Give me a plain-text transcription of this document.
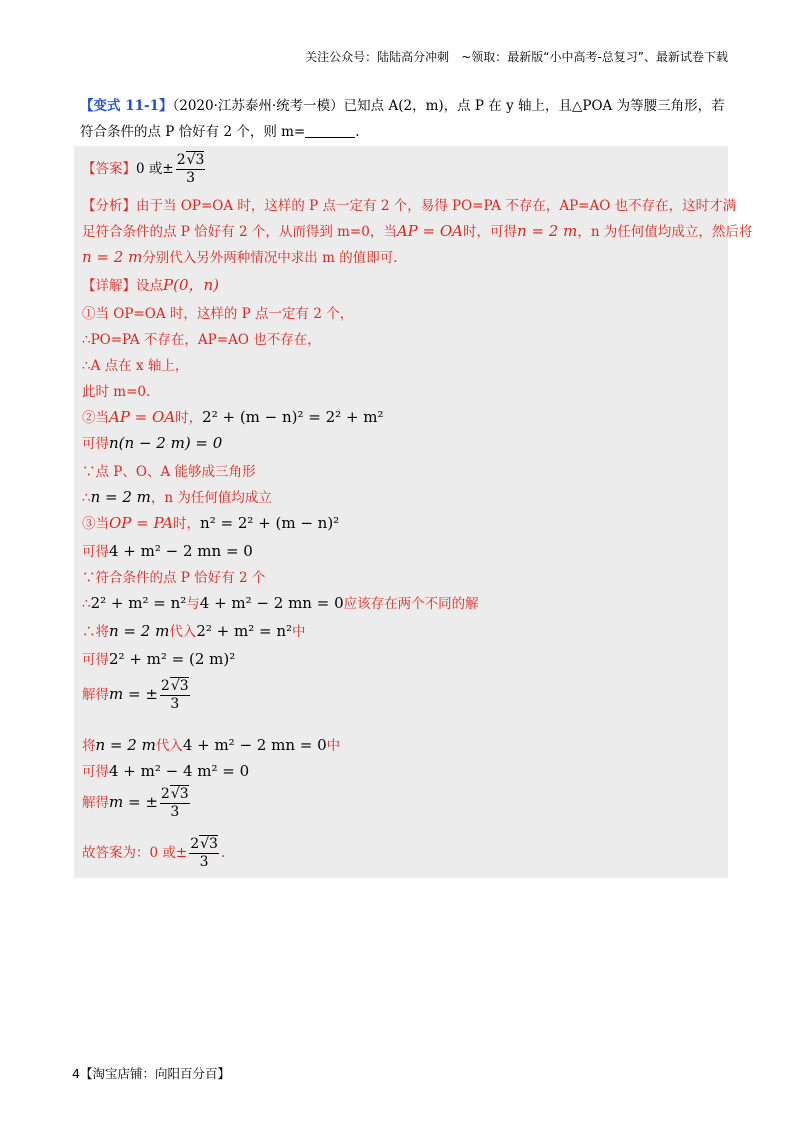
关注公众号：陆陆高分冲刺　~领取：最新版“小中高考-总复习”、最新试卷下载
【变式 11-1】（2020·江苏泰州·统考一模）已知点 A(2，m)，点 P 在 y 轴上，且△POA 为等腰三角形，若
符合条件的点 P 恰好有 2 个，则 m=	.
【答案】0 或± $\frac{2√3}{3}$
【分析】由于当 OP=OA 时，这样的 P 点一定有 2 个，易得 PO=PA 不存在，AP=AO 也不存在，这时才满
足符合条件的点 P 恰好有 2 个，从而得到 m=0，当AP = OA时，可得n = 2 m，n 为任何值均成立，然后将
n = 2 m分别代入另外两种情况中求出 m 的值即可.
【详解】设点P(0，n)
①当 OP=OA 时，这样的 P 点一定有 2 个，
∴PO=PA 不存在，AP=AO 也不存在，
∴A 点在 x 轴上，
此时 m=0.
②当AP = OA时，2² + (m − n)² = 2² + m²
可得n(n − 2 m) = 0
∵点 P、O、A 能够成三角形
∴n = 2 m，n 为任何值均成立
③当OP = PA时，n² = 2² + (m − n)²
可得4 + m² − 2 mn = 0
∵符合条件的点 P 恰好有 2 个
∴2² + m² = n²与4 + m² − 2 mn = 0应该存在两个不同的解
∴将n = 2 m代入2² + m² = n²中
可得2² + m² = (2 m)²
解得m = ± $\frac{2√3}{3}$
将n = 2 m代入4 + m² − 2 mn = 0中
可得4 + m² − 4 m² = 0
解得m = ± $\frac{2√3}{3}$
故答案为：0 或± $\frac{2√3}{3}$ .
4【淘宝店铺：向阳百分百】
